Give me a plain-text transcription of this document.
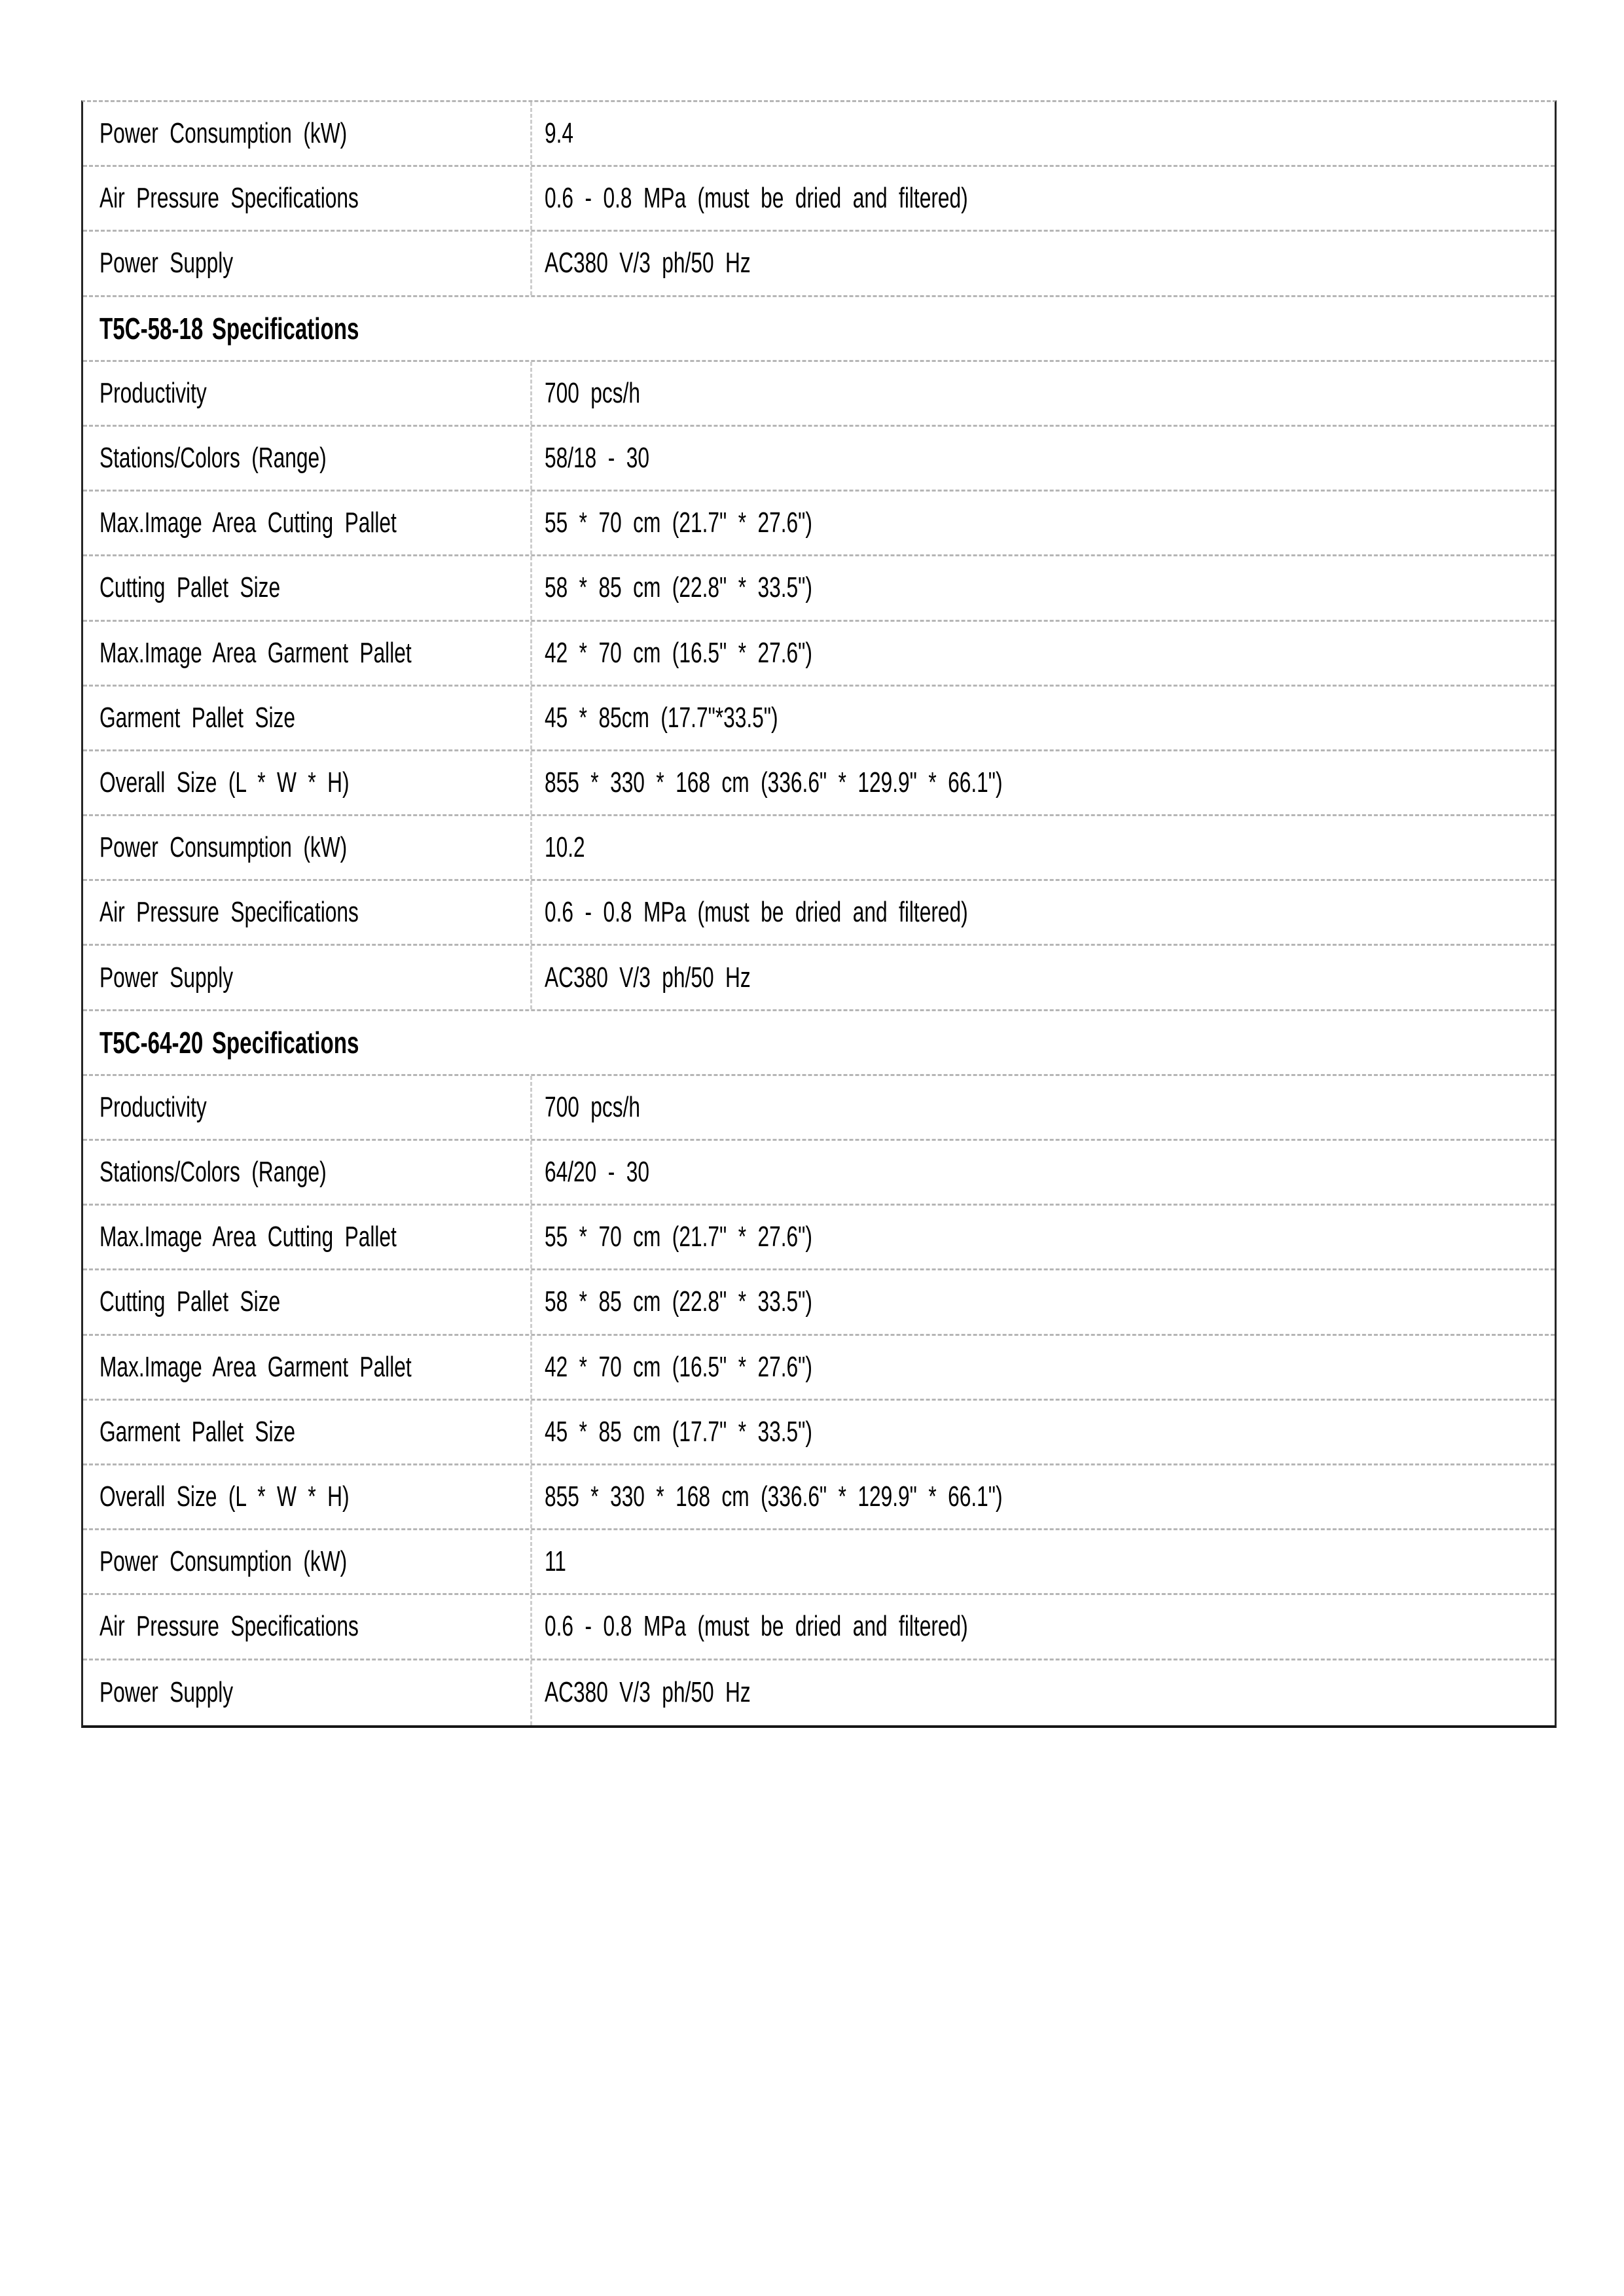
Power Consumption (kW)	9.4
Air Pressure Specifications	0.6 - 0.8 MPa (must be dried and filtered)
Power Supply	AC380 V/3 ph/50 Hz
T5C-58-18 Specifications
Productivity	700 pcs/h
Stations/Colors (Range)	58/18 - 30
Max.Image Area Cutting Pallet	55 * 70 cm (21.7" * 27.6")
Cutting Pallet Size	58 * 85 cm (22.8" * 33.5")
Max.Image Area Garment Pallet	42 * 70 cm (16.5" * 27.6")
Garment Pallet Size	45 * 85cm (17.7"*33.5")
Overall Size (L * W * H)	855 * 330 * 168 cm (336.6" * 129.9" * 66.1")
Power Consumption (kW)	10.2
Air Pressure Specifications	0.6 - 0.8 MPa (must be dried and filtered)
Power Supply	AC380 V/3 ph/50 Hz
T5C-64-20 Specifications
Productivity	700 pcs/h
Stations/Colors (Range)	64/20 - 30
Max.Image Area Cutting Pallet	55 * 70 cm (21.7" * 27.6")
Cutting Pallet Size	58 * 85 cm (22.8" * 33.5")
Max.Image Area Garment Pallet	42 * 70 cm (16.5" * 27.6")
Garment Pallet Size	45 * 85 cm (17.7" * 33.5")
Overall Size (L * W * H)	855 * 330 * 168 cm (336.6" * 129.9" * 66.1")
Power Consumption (kW)	11
Air Pressure Specifications	0.6 - 0.8 MPa (must be dried and filtered)
Power Supply	AC380 V/3 ph/50 Hz
